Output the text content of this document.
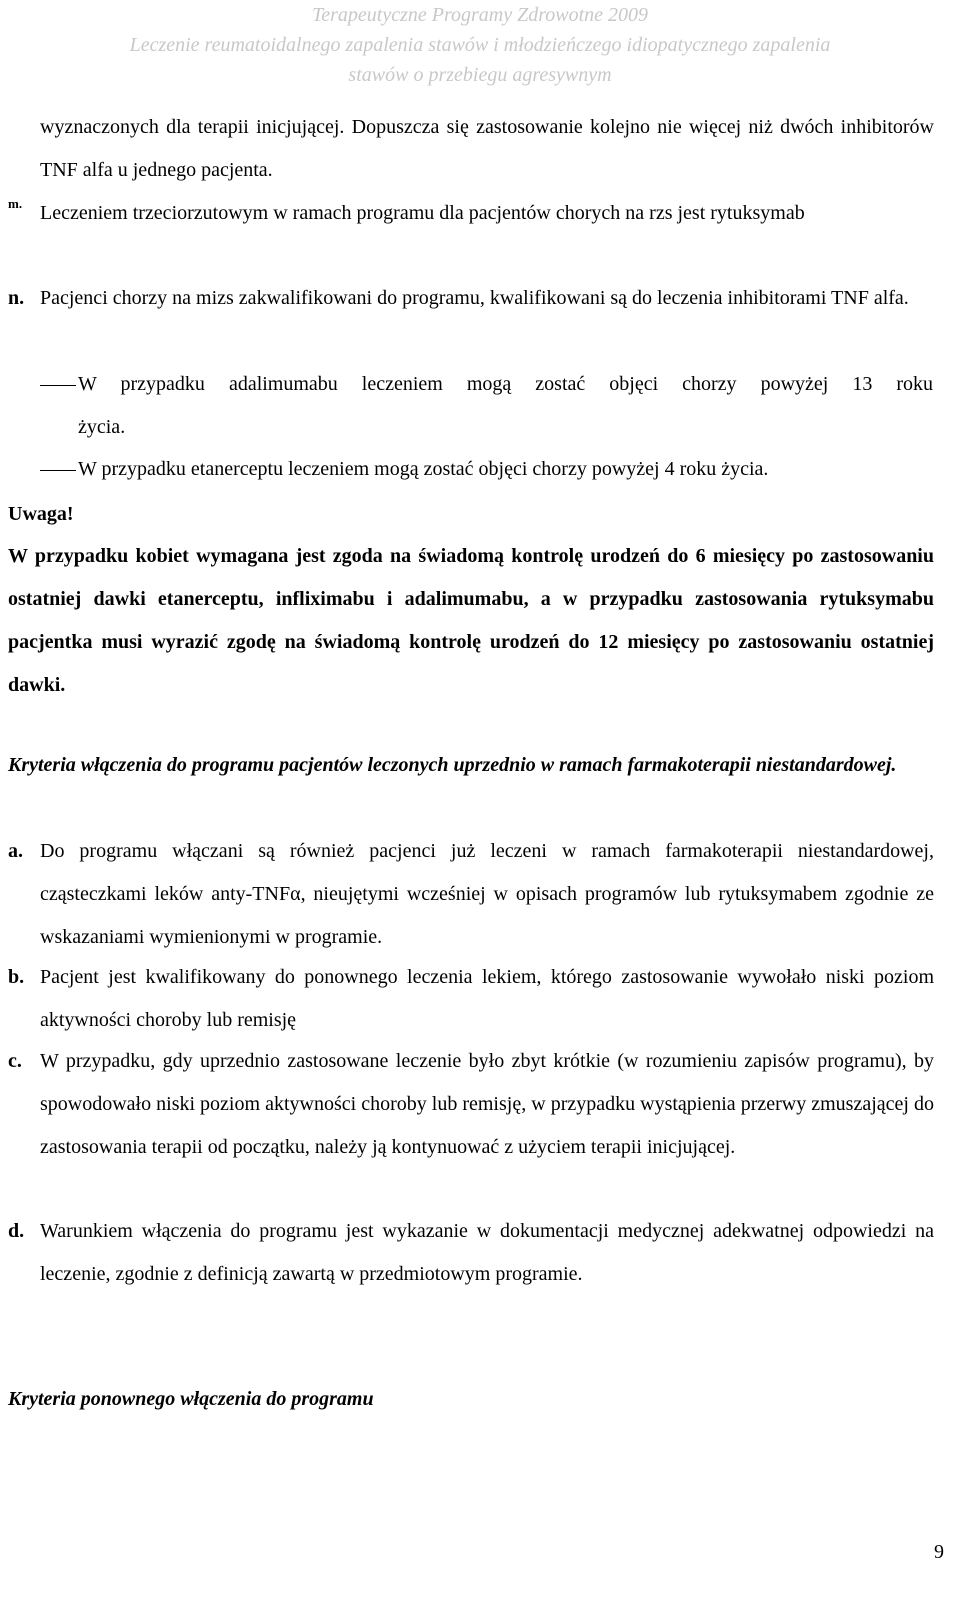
Terapeutyczne Programy Zdrowotne 2009
Leczenie reumatoidalnego zapalenia stawów i młodzieńczego idiopatycznego zapalenia
stawów o przebiegu agresywnym
wyznaczonych dla terapii inicjującej. Dopuszcza się zastosowanie kolejno nie więcej niż dwóch inhibitorów TNF alfa u jednego pacjenta.
m. Leczeniem trzeciorzutowym w ramach programu dla pacjentów chorych na rzs jest rytuksymab
n. Pacjenci chorzy na mizs zakwalifikowani do programu, kwalifikowani są do leczenia inhibitorami TNF alfa.
W przypadku adalimumabu leczeniem mogą zostać objęci chorzy powyżej 13 roku
życia.
W przypadku etanerceptu leczeniem mogą zostać objęci chorzy powyżej 4 roku życia.
Uwaga!
W przypadku kobiet wymagana jest zgoda na świadomą kontrolę urodzeń do 6 miesięcy po zastosowaniu ostatniej dawki etanerceptu, infliximabu i adalimumabu, a w przypadku zastosowania rytuksymabu pacjentka musi wyrazić zgodę na świadomą kontrolę urodzeń do 12 miesięcy po zastosowaniu ostatniej dawki.
Kryteria włączenia do programu pacjentów leczonych uprzednio w ramach farmakoterapii niestandardowej.
a. Do programu włączani są również pacjenci już leczeni w ramach farmakoterapii niestandardowej, cząsteczkami leków anty-TNFα, nieujętymi wcześniej w opisach programów lub rytuksymabem zgodnie ze wskazaniami wymienionymi w programie.
b. Pacjent jest kwalifikowany do ponownego leczenia lekiem, którego zastosowanie wywołało niski poziom aktywności choroby lub remisję
c. W przypadku, gdy uprzednio zastosowane leczenie było zbyt krótkie (w rozumieniu zapisów programu), by spowodowało niski poziom aktywności choroby lub remisję, w przypadku wystąpienia przerwy zmuszającej do zastosowania terapii od początku, należy ją kontynuować z użyciem terapii inicjującej.
d. Warunkiem włączenia do programu jest wykazanie w dokumentacji medycznej adekwatnej odpowiedzi na leczenie, zgodnie z definicją zawartą w przedmiotowym programie.
Kryteria ponownego włączenia do programu
9
